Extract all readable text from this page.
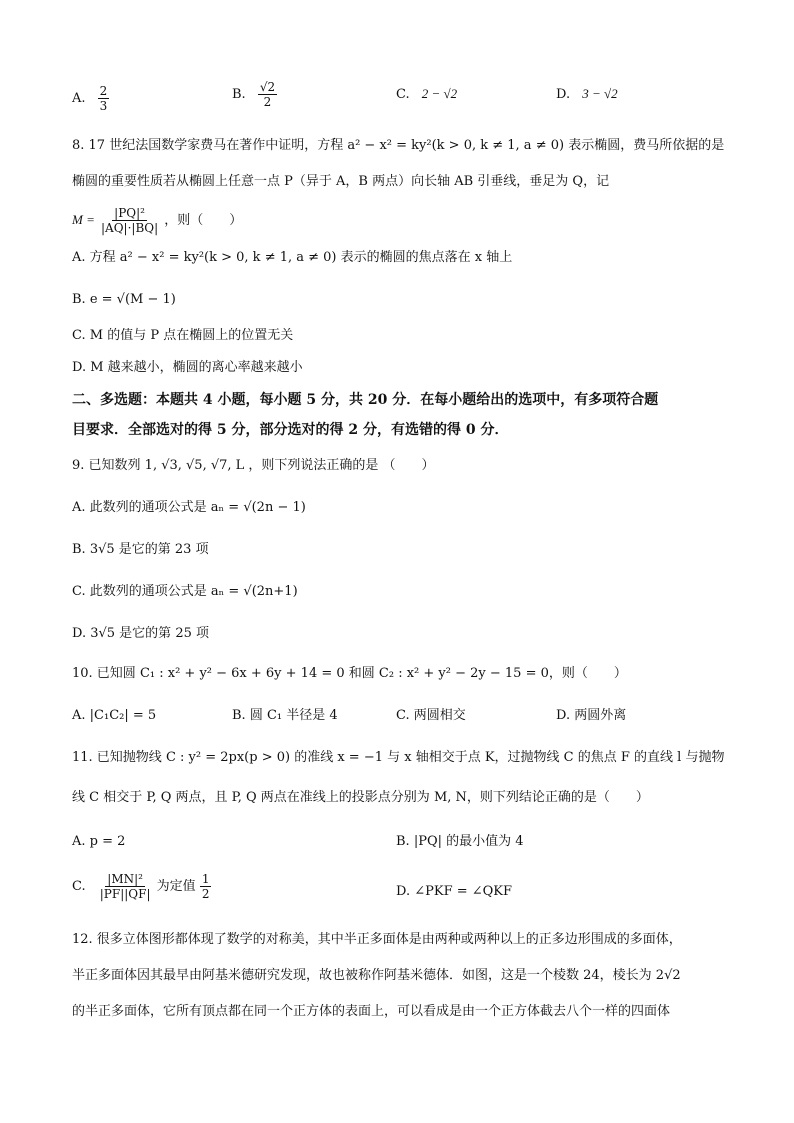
A. $\frac{2}{3}$	B. $\frac{√2}{2}$	C. 2 − √2	D. 3 − √2
8. 17 世纪法国数学家费马在著作中证明，方程 a² − x² = ky²(k > 0, k ≠ 1, a ≠ 0) 表示椭圆，费马所依据的是
椭圆的重要性质若从椭圆上任意一点 P（异于 A，B 两点）向长轴 AB 引垂线，垂足为 Q，记
$M = \frac{\text{|PQ|²}}{|AQ|\cdot|BQ|}$ ，则（　　）
A. 方程 a² − x² = ky²(k > 0, k ≠ 1, a ≠ 0) 表示的椭圆的焦点落在 x 轴上
B. e = √(M − 1)
C. M 的值与 P 点在椭圆上的位置无关
D. M 越来越小，椭圆的离心率越来越小
二、多选题：本题共 4 小题，每小题 5 分，共 20 分．在每小题给出的选项中，有多项符合题
目要求．全部选对的得 5 分，部分选对的得 2 分，有选错的得 0 分．
9. 已知数列 1, √3, √5, √7, L ，则下列说法正确的是 （　　）
A. 此数列的通项公式是 aₙ = √(2n − 1)
B. 3√5 是它的第 23 项
C. 此数列的通项公式是 aₙ = √(2n+1)
D. 3√5 是它的第 25 项
10. 已知圆 C₁ : x² + y² − 6x + 6y + 14 = 0 和圆 C₂ : x² + y² − 2y − 15 = 0，则（　　）
A. |C₁C₂| = 5	B. 圆 C₁ 半径是 4	C. 两圆相交	D. 两圆外离
11. 已知抛物线 C : y² = 2px(p > 0) 的准线 x = −1 与 x 轴相交于点 K，过抛物线 C 的焦点 F 的直线 l 与抛物
线 C 相交于 P, Q 两点，且 P, Q 两点在准线上的投影点分别为 M, N，则下列结论正确的是（　　）
A. p = 2	B. |PQ| 的最小值为 4
C. $\frac{\text{|MN|²}}{|PF||QF|}$ 为定值 $\frac{1}{2}$	D. ∠PKF = ∠QKF
12. 很多立体图形都体现了数学的对称美，其中半正多面体是由两种或两种以上的正多边形围成的多面体，
半正多面体因其最早由阿基米德研究发现，故也被称作阿基米德体．如图，这是一个棱数 24，棱长为 2√2
的半正多面体，它所有顶点都在同一个正方体的表面上，可以看成是由一个正方体截去八个一样的四面体
